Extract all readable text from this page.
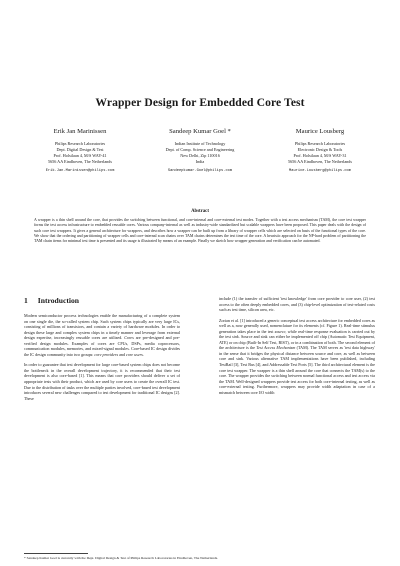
Wrapper Design for Embedded Core Test
Erik Jan Marinissen
Philips Research Laboratories
Dept. Digital Design & Test
Prof. Holstlaan 4, M/S WAY-41
5656 AA Eindhoven, The Netherlands
Erik.Jan.Marinissen@philips.com
Sandeep Kumar Goel *
Indian Institute of Technology
Dept. of Comp. Science and Engineering
New Delhi, Zip 110016
India
Sandeepkumar.Goel@philips.com
Maurice Lousberg
Philips Research Laboratories
Electronic Design & Tools
Prof. Holstlaan 4, M/S WAY-31
5656 AA Eindhoven, The Netherlands
Maurice.Lousberg@philips.com
Abstract
A wrapper is a thin shell around the core, that provides the switching between functional, and core-internal and core-external test modes. Together with a test access mechanism (TAM), the core test wrapper forms the test access infrastructure to embedded reusable cores. Various company-internal as well as industry-wide standardized but scalable wrappers have been proposed. This paper deals with the design of such core test wrappers. It gives a general architecture for wrappers, and describes how a wrapper can be built up from a library of wrapper cells which are selected on basis of the functional types of the core. We show that the ordering and partitioning of wrapper cells and core-internal scan chains over TAM chains determines the test time of the core. A heuristic approach for the NP-hard problem of partitioning the TAM chain items for minimal test time is presented and its usage is illustrated by means of an example. Finally we sketch how wrapper generation and verification can be automated.
1 Introduction

Modern semiconductor process technologies enable the manufacturing of a complete system on one single die, the so-called system chip. Such system chips typically are very large ICs, consisting of millions of transistors, and contain a variety of hardware modules. In order to design these large and complex system chips in a timely manner and leverage from external design expertise, increasingly reusable cores are utilized. Cores are pre-designed and pre-verified design modules. Examples of cores are CPUs, DSPs, media coprocessors, communication modules, memories, and mixed-signal modules. Core-based IC design divides the IC design community into two groups: core providers and core users.

In order to guarantee that test development for large core-based system chips does not become the bottleneck in the overall development trajectory, it is recommended that their test development is also core-based [1]. This means that core providers should deliver a set of appropriate tests with their product, which are used by core users to create the overall IC test. Due to the distribution of tasks over the multiple parties involved, core-based test development introduces several new challenges compared to test development for traditional IC designs [2]. These

include (1) the transfer of sufficient 'test knowledge' from core provider to core user, (2) test access to the often deeply embedded cores, and (3) chip-level optimization of test-related costs such as test time, silicon area, etc.

Zorian et al. [1] introduced a generic conceptual test access architecture for embedded cores as well as a, now generally used, nomenclature for its elements (cf. Figure 1). Real-time stimulus generation takes place in the test source, while real-time response evaluation is carried out by the test sink. Source and sink can either be implemented off chip (Automatic Test Equipment, ATE) or on chip (Built-In Self Test, BIST), or in a combination of both. The second element of the architecture is the Test Access Mechanism (TAM). The TAM serves as 'test data highway' in the sense that it bridges the physical distance between source and core, as well as between core and sink. Various alternative TAM implementations have been published, including TestRail [3], Test Bus [4], and Addressable Test Ports [5]. The third architectural element is the core test wrapper. The wrapper is a thin shell around the core that connects the TAM(s) to the core. The wrapper provides the switching between normal functional access and test access via the TAM. Well-designed wrappers provide test access for both core-internal testing, as well as core-external testing. Furthermore, wrappers may provide width adaptation in case of a mismatch between core I/O width

* Sandeep Kumar Goel is currently with the Dept. Digital Design & Test of Philips Research Laboratories in Eindhoven, The Netherlands.
